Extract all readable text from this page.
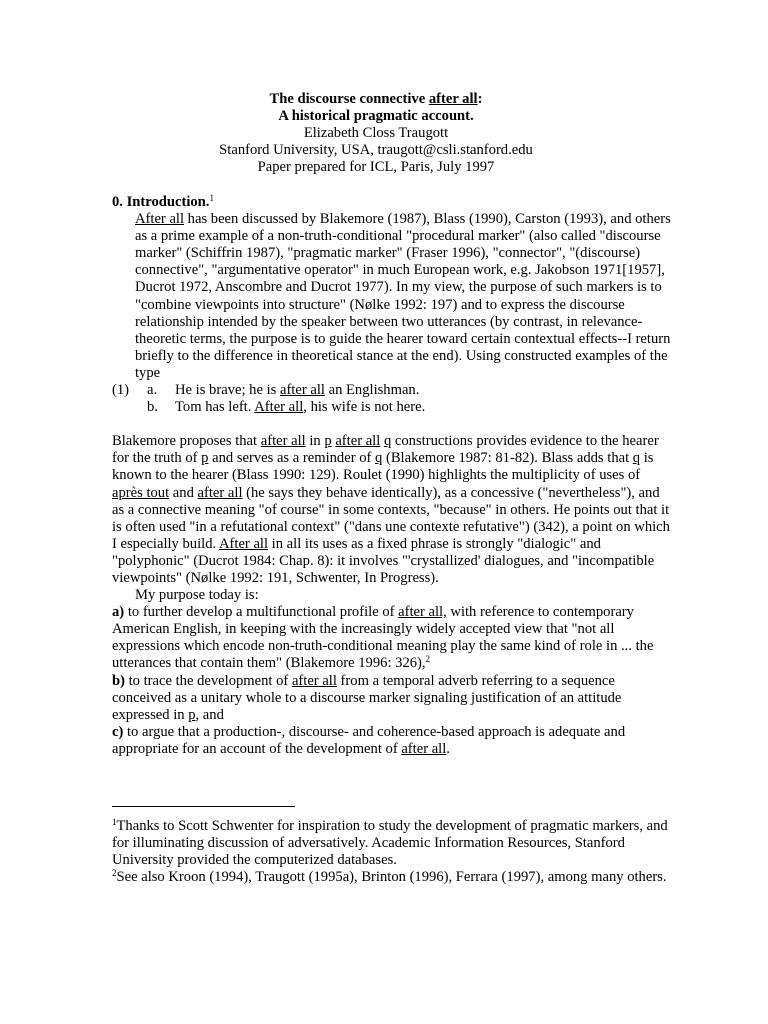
The discourse connective after all:
A historical pragmatic account.
Elizabeth Closs Traugott
Stanford University, USA, traugott@csli.stanford.edu
Paper prepared for ICL, Paris, July 1997

0. Introduction.$^1$

After all has been discussed by Blakemore (1987), Blass (1990), Carston (1993), and others as a prime example of a non-truth-conditional "procedural marker" (also called "discourse marker" (Schiffrin 1987), "pragmatic marker" (Fraser 1996), "connector", "(discourse) connective", "argumentative operator" in much European work, e.g. Jakobson 1971[1957], Ducrot 1972, Anscombre and Ducrot 1977). In my view, the purpose of such markers is to "combine viewpoints into structure" (Nølke 1992: 197) and to express the discourse relationship intended by the speaker between two utterances (by contrast, in relevance-theoretic terms, the purpose is to guide the hearer toward certain contextual effects--I return briefly to the difference in theoretical stance at the end). Using constructed examples of the type

(1)	a.	He is brave; he is after all an Englishman.
b.	Tom has left. After all, his wife is not here.

Blakemore proposes that after all in p after all q constructions provides evidence to the hearer for the truth of p and serves as a reminder of q (Blakemore 1987: 81-82). Blass adds that q is known to the hearer (Blass 1990: 129). Roulet (1990) highlights the multiplicity of uses of après tout and after all (he says they behave identically), as a concessive ("nevertheless"), and as a connective meaning "of course" in some contexts, "because" in others. He points out that it is often used "in a refutational context" ("dans une contexte refutative") (342), a point on which I especially build. After all in all its uses as a fixed phrase is strongly "dialogic" and "polyphonic" (Ducrot 1984: Chap. 8): it involves "'crystallized' dialogues, and "incompatible viewpoints" (Nølke 1992: 191, Schwenter, In Progress).

My purpose today is:

a) to further develop a multifunctional profile of after all, with reference to contemporary American English, in keeping with the increasingly widely accepted view that "not all expressions which encode non-truth-conditional meaning play the same kind of role in ... the utterances that contain them" (Blakemore 1996: 326),$^2$

b) to trace the development of after all from a temporal adverb referring to a sequence conceived as a unitary whole to a discourse marker signaling justification of an attitude expressed in p, and

c) to argue that a production-, discourse- and coherence-based approach is adequate and appropriate for an account of the development of after all.

$^1$Thanks to Scott Schwenter for inspiration to study the development of pragmatic markers, and for illuminating discussion of adversatively. Academic Information Resources, Stanford University provided the computerized databases.

$^2$See also Kroon (1994), Traugott (1995a), Brinton (1996), Ferrara (1997), among many others.
